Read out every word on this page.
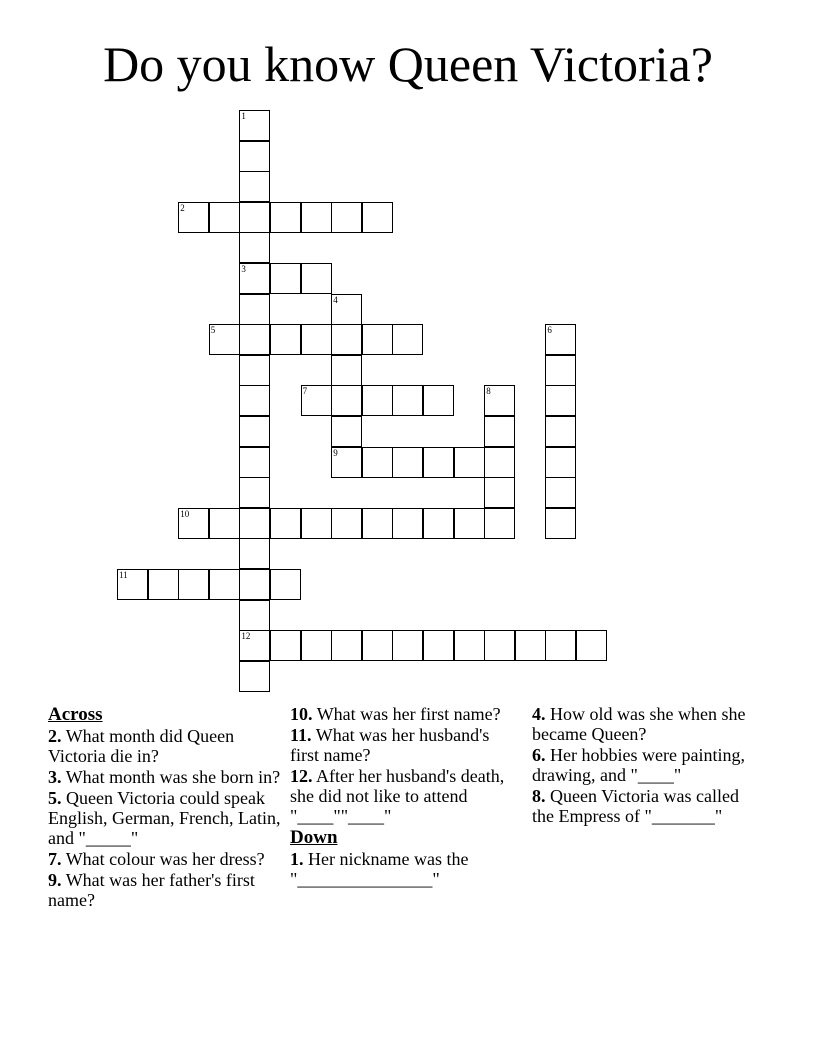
Do you know Queen Victoria?
2
3
5
7
9
10
11
12
1
4
6
8
Across
2. What month did Queen Victoria die in?
3. What month was she born in?
5. Queen Victoria could speak English, German, French, Latin, and "_____"
7. What colour was her dress?
9. What was her father's first name?
10. What was her first name?
11. What was her husband's first name?
12. After her husband's death, she did not like to attend "____""____"
Down
1. Her nickname was the "_______________"
4. How old was she when she became Queen?
6. Her hobbies were painting, drawing, and "____"
8. Queen Victoria was called the Empress of "_______"
